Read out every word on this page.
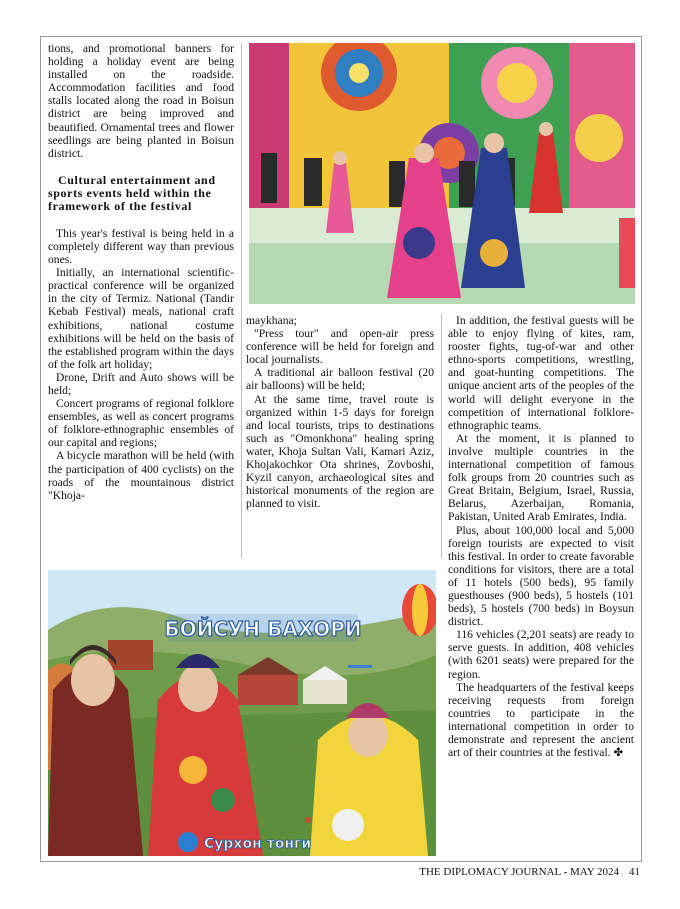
tions, and promotional banners for holding a holiday event are being installed on the roadside. Accommodation facilities and food stalls located along the road in Boisun district are being improved and beautified. Ornamental trees and flower seedlings are being planted in Boisun district.

Cultural entertainment and sports events held within the framework of the festival

This year's festival is being held in a completely different way than previous ones.

Initially, an international scientific-practical conference will be organized in the city of Termiz. National (Tandir Kebab Festival) meals, national craft exhibitions, national costume exhibitions will be held on the basis of the established program within the days of the folk art holiday;

Drone, Drift and Auto shows will be held;

Concert programs of regional folklore ensembles, as well as concert programs of folklore-ethnographic ensembles of our capital and regions;

A bicycle marathon will be held (with the participation of 400 cyclists) on the roads of the mountainous district "Khoja-

maykhana;

"Press tour" and open-air press conference will be held for foreign and local journalists.

A traditional air balloon festival (20 air balloons) will be held;

At the same time, travel route is organized within 1-5 days for foreign and local tourists, trips to destinations such as "Omonkhona" healing spring water, Khoja Sultan Vali, Kamari Aziz, Khojakochkor Ota shrines, Zovboshi, Kyzil canyon, archaeological sites and historical monuments of the region are planned to visit.

In addition, the festival guests will be able to enjoy flying of kites, ram, rooster fights, tug-of-war and other ethno-sports competitions, wrestling, and goat-hunting competitions. The unique ancient arts of the peoples of the world will delight everyone in the competition of international folklore-ethnographic teams.

At the moment, it is planned to involve multiple countries in the international competition of famous folk groups from 20 countries such as Great Britain, Belgium, Israel, Russia, Belarus, Azerbaijan, Romania, Pakistan, United Arab Emirates, India.

Plus, about 100,000 local and 5,000 foreign tourists are expected to visit this festival. In order to create favorable conditions for visitors, there are a total of 11 hotels (500 beds), 95 family guesthouses (900 beds), 5 hostels (101 beds), 5 hostels (700 beds) in Boysun district.

116 vehicles (2,201 seats) are ready to serve guests. In addition, 408 vehicles (with 6201 seats) were prepared for the region.

The headquarters of the festival keeps receiving requests from foreign countries to participate in the international competition in order to demonstrate and represent the ancient art of their countries at the festival. ✤

БОЙСУН БАХОРИ
Сурхон тонги
THE DIPLOMACY JOURNAL - MAY 2024 41
